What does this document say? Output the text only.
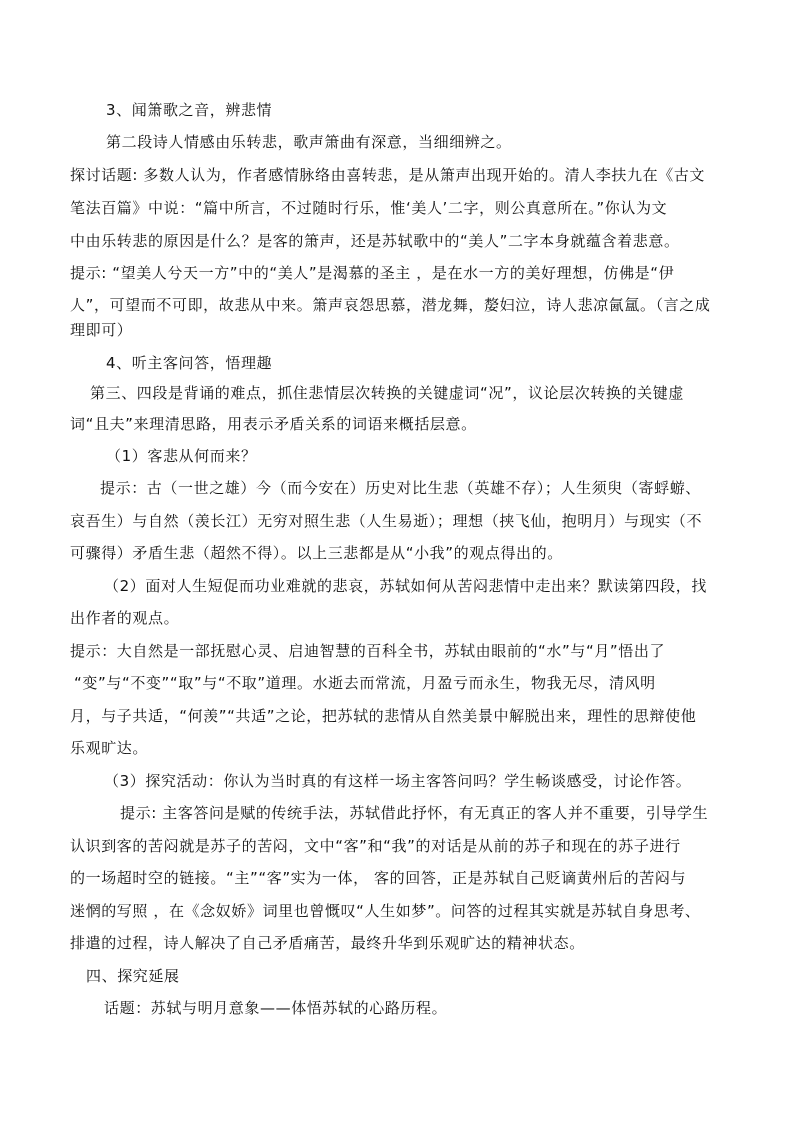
3、闻箫歌之音，辨悲情
第二段诗人情感由乐转悲，歌声箫曲有深意，当细细辨之。
探讨话题: 多数人认为，作者感情脉络由喜转悲，是从箫声出现开始的。清人李扶九在《古文
笔法百篇》中说：“篇中所言，不过随时行乐，惟‘美人’二字，则公真意所在。”你认为文
中由乐转悲的原因是什么？是客的箫声，还是苏轼歌中的“美人”二字本身就蕴含着悲意。
提示: “望美人兮天一方”中的“美人”是渴慕的圣主 ，是在水一方的美好理想，仿佛是“伊
人”，可望而不可即，故悲从中来。箫声哀怨思慕，潜龙舞，嫠妇泣，诗人悲凉氤氲。（言之成
理即可）
4、听主客问答，悟理趣
第三、四段是背诵的难点，抓住悲情层次转换的关键虚词“况”，议论层次转换的关键虚
词“且夫”来理清思路，用表示矛盾关系的词语来概括层意。
（1）客悲从何而来？
提示：古（一世之雄）今（而今安在）历史对比生悲（英雄不存）；人生须臾（寄蜉蝣、
哀吾生）与自然（羡长江）无穷对照生悲（人生易逝）；理想（挟飞仙，抱明月）与现实（不
可骤得）矛盾生悲（超然不得）。以上三悲都是从“小我”的观点得出的。
（2）面对人生短促而功业难就的悲哀，苏轼如何从苦闷悲情中走出来？默读第四段，找
出作者的观点。
提示：大自然是一部抚慰心灵、启迪智慧的百科全书，苏轼由眼前的“水”与“月”悟出了
“变”与“不变”“取”与“不取”道理。水逝去而常流，月盈亏而永生，物我无尽，清风明
月，与子共适，“何羡”“共适”之论，把苏轼的悲情从自然美景中解脱出来，理性的思辩使他
乐观旷达。
（3）探究活动：你认为当时真的有这样一场主客答问吗？学生畅谈感受，讨论作答。
提示: 主客答问是赋的传统手法，苏轼借此抒怀，有无真正的客人并不重要，引导学生
认识到客的苦闷就是苏子的苦闷，文中“客”和“我”的对话是从前的苏子和现在的苏子进行
的一场超时空的链接。“主”“客”实为一体， 客的回答，正是苏轼自己贬谪黄州后的苦闷与
迷惘的写照 ，在《念奴娇》词里也曾慨叹“人生如梦”。问答的过程其实就是苏轼自身思考、
排遣的过程，诗人解决了自己矛盾痛苦，最终升华到乐观旷达的精神状态。
四、探究延展
话题：苏轼与明月意象——体悟苏轼的心路历程。
